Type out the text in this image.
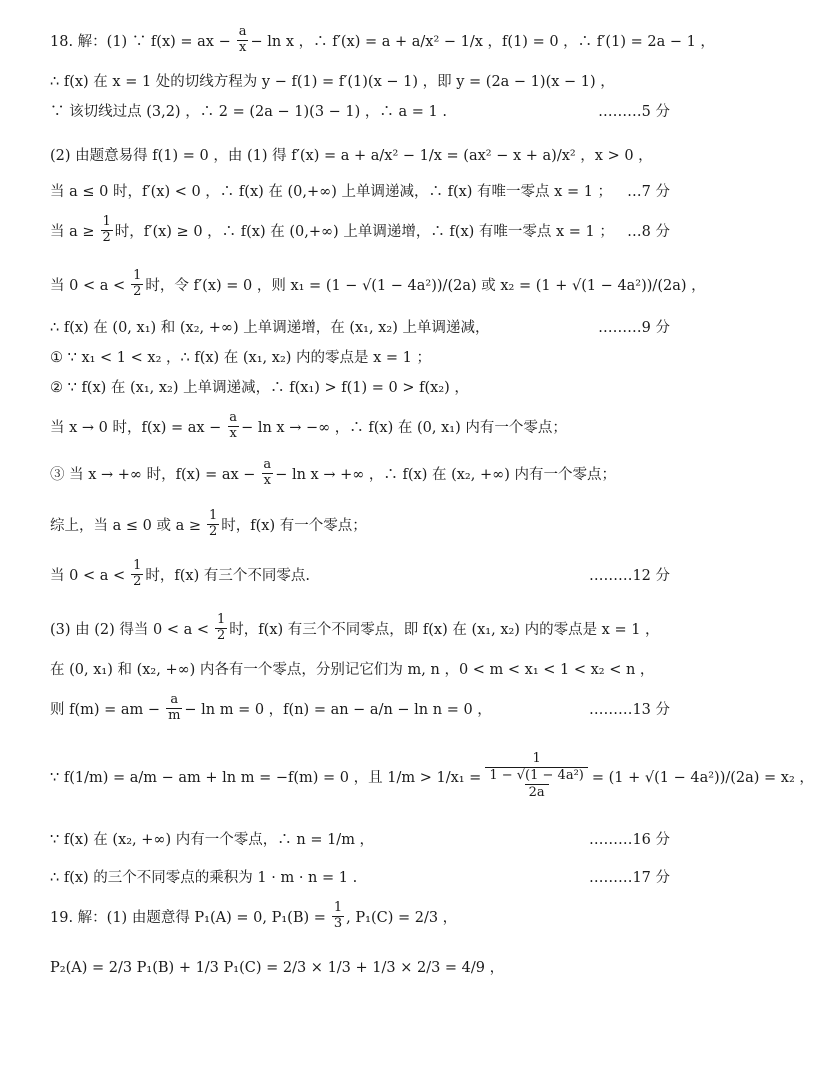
18. 解：(1) ∵ f(x) = ax − $\frac{a}{x} - \ln x$ ，∴ f′(x) = a + a/x² − 1/x ，f(1) = 0 ，∴ f′(1) = 2a − 1 ，
∴ f(x) 在 x = 1 处的切线方程为 y − f(1) = f′(1)(x − 1) ，即 y = (2a − 1)(x − 1) ，
∵ 该切线过点 (3,2) ，∴ 2 = (2a − 1)(3 − 1) ，∴ a = 1 .	………5 分
(2) 由题意易得 f(1) = 0 ，由 (1) 得 f′(x) = a + a/x² − 1/x = (ax² − x + a)/x² ，x > 0 ，
当 a ≤ 0 时，f′(x) < 0 ，∴ f(x) 在 (0,+∞) 上单调递减，∴ f(x) 有唯一零点 x = 1 ；	…7 分
当 $a \ge \frac{1}{2}$ 时，f′(x) ≥ 0 ，∴ f(x) 在 (0,+∞) 上单调递增，∴ f(x) 有唯一零点 x = 1 ； …8 分
当 $0 < a < \frac{1}{2}$ 时，令 f′(x) = 0 ，则 x₁ = (1 − √(1 − 4a²))/(2a) 或 x₂ = (1 + √(1 − 4a²))/(2a) ，
∴ f(x) 在 (0, x₁) 和 (x₂, +∞) 上单调递增，在 (x₁, x₂) 上单调递减，	………9 分
① ∵ x₁ < 1 < x₂ ，∴ f(x) 在 (x₁, x₂) 内的零点是 x = 1 ；
② ∵ f(x) 在 (x₁, x₂) 上单调递减，∴ f(x₁) > f(1) = 0 > f(x₂) ，
当 x → 0 时，f(x) = ax − $\frac{a}{x} - \ln x$ → −∞ ，∴ f(x) 在 (0, x₁) 内有一个零点；
③ 当 x → +∞ 时，f(x) = ax − $\frac{a}{x} - \ln x$ → +∞ ，∴ f(x) 在 (x₂, +∞) 内有一个零点；
综上，当 a ≤ 0 或 $a \ge \frac{1}{2}$ 时，f(x) 有一个零点；
当 $0 < a < \frac{1}{2}$ 时，f(x) 有三个不同零点.	………12 分
(3) 由 (2) 得当 $0 < a < \frac{1}{2}$ 时，f(x) 有三个不同零点，即 f(x) 在 (x₁, x₂) 内的零点是 x = 1 ，
在 (0, x₁) 和 (x₂, +∞) 内各有一个零点，分别记它们为 m, n ，0 < m < x₁ < 1 < x₂ < n ，
则 f(m) = am − $\frac{a}{m} - \ln m = 0$ ，f(n) = an − a/n − ln n = 0 ，	………13 分
∵ f(1/m) = a/m − am + ln m = −f(m) = 0 ，且 1/m > 1/x₁ =
1
1 − √(1 − 4a²)
2a
= (1 + √(1 − 4a²))/(2a) = x₂ ，
∵ f(x) 在 (x₂, +∞) 内有一个零点，∴ n = 1/m ，	………16 分
∴ f(x) 的三个不同零点的乘积为 1 · m · n = 1 .	………17 分
19. 解：(1) 由题意得 P₁(A) = 0, $P_1(B) = \frac{1}{3}$ , P₁(C) = 2/3 ，
P₂(A) = 2/3 P₁(B) + 1/3 P₁(C) = 2/3 × 1/3 + 1/3 × 2/3 = 4/9 ，
